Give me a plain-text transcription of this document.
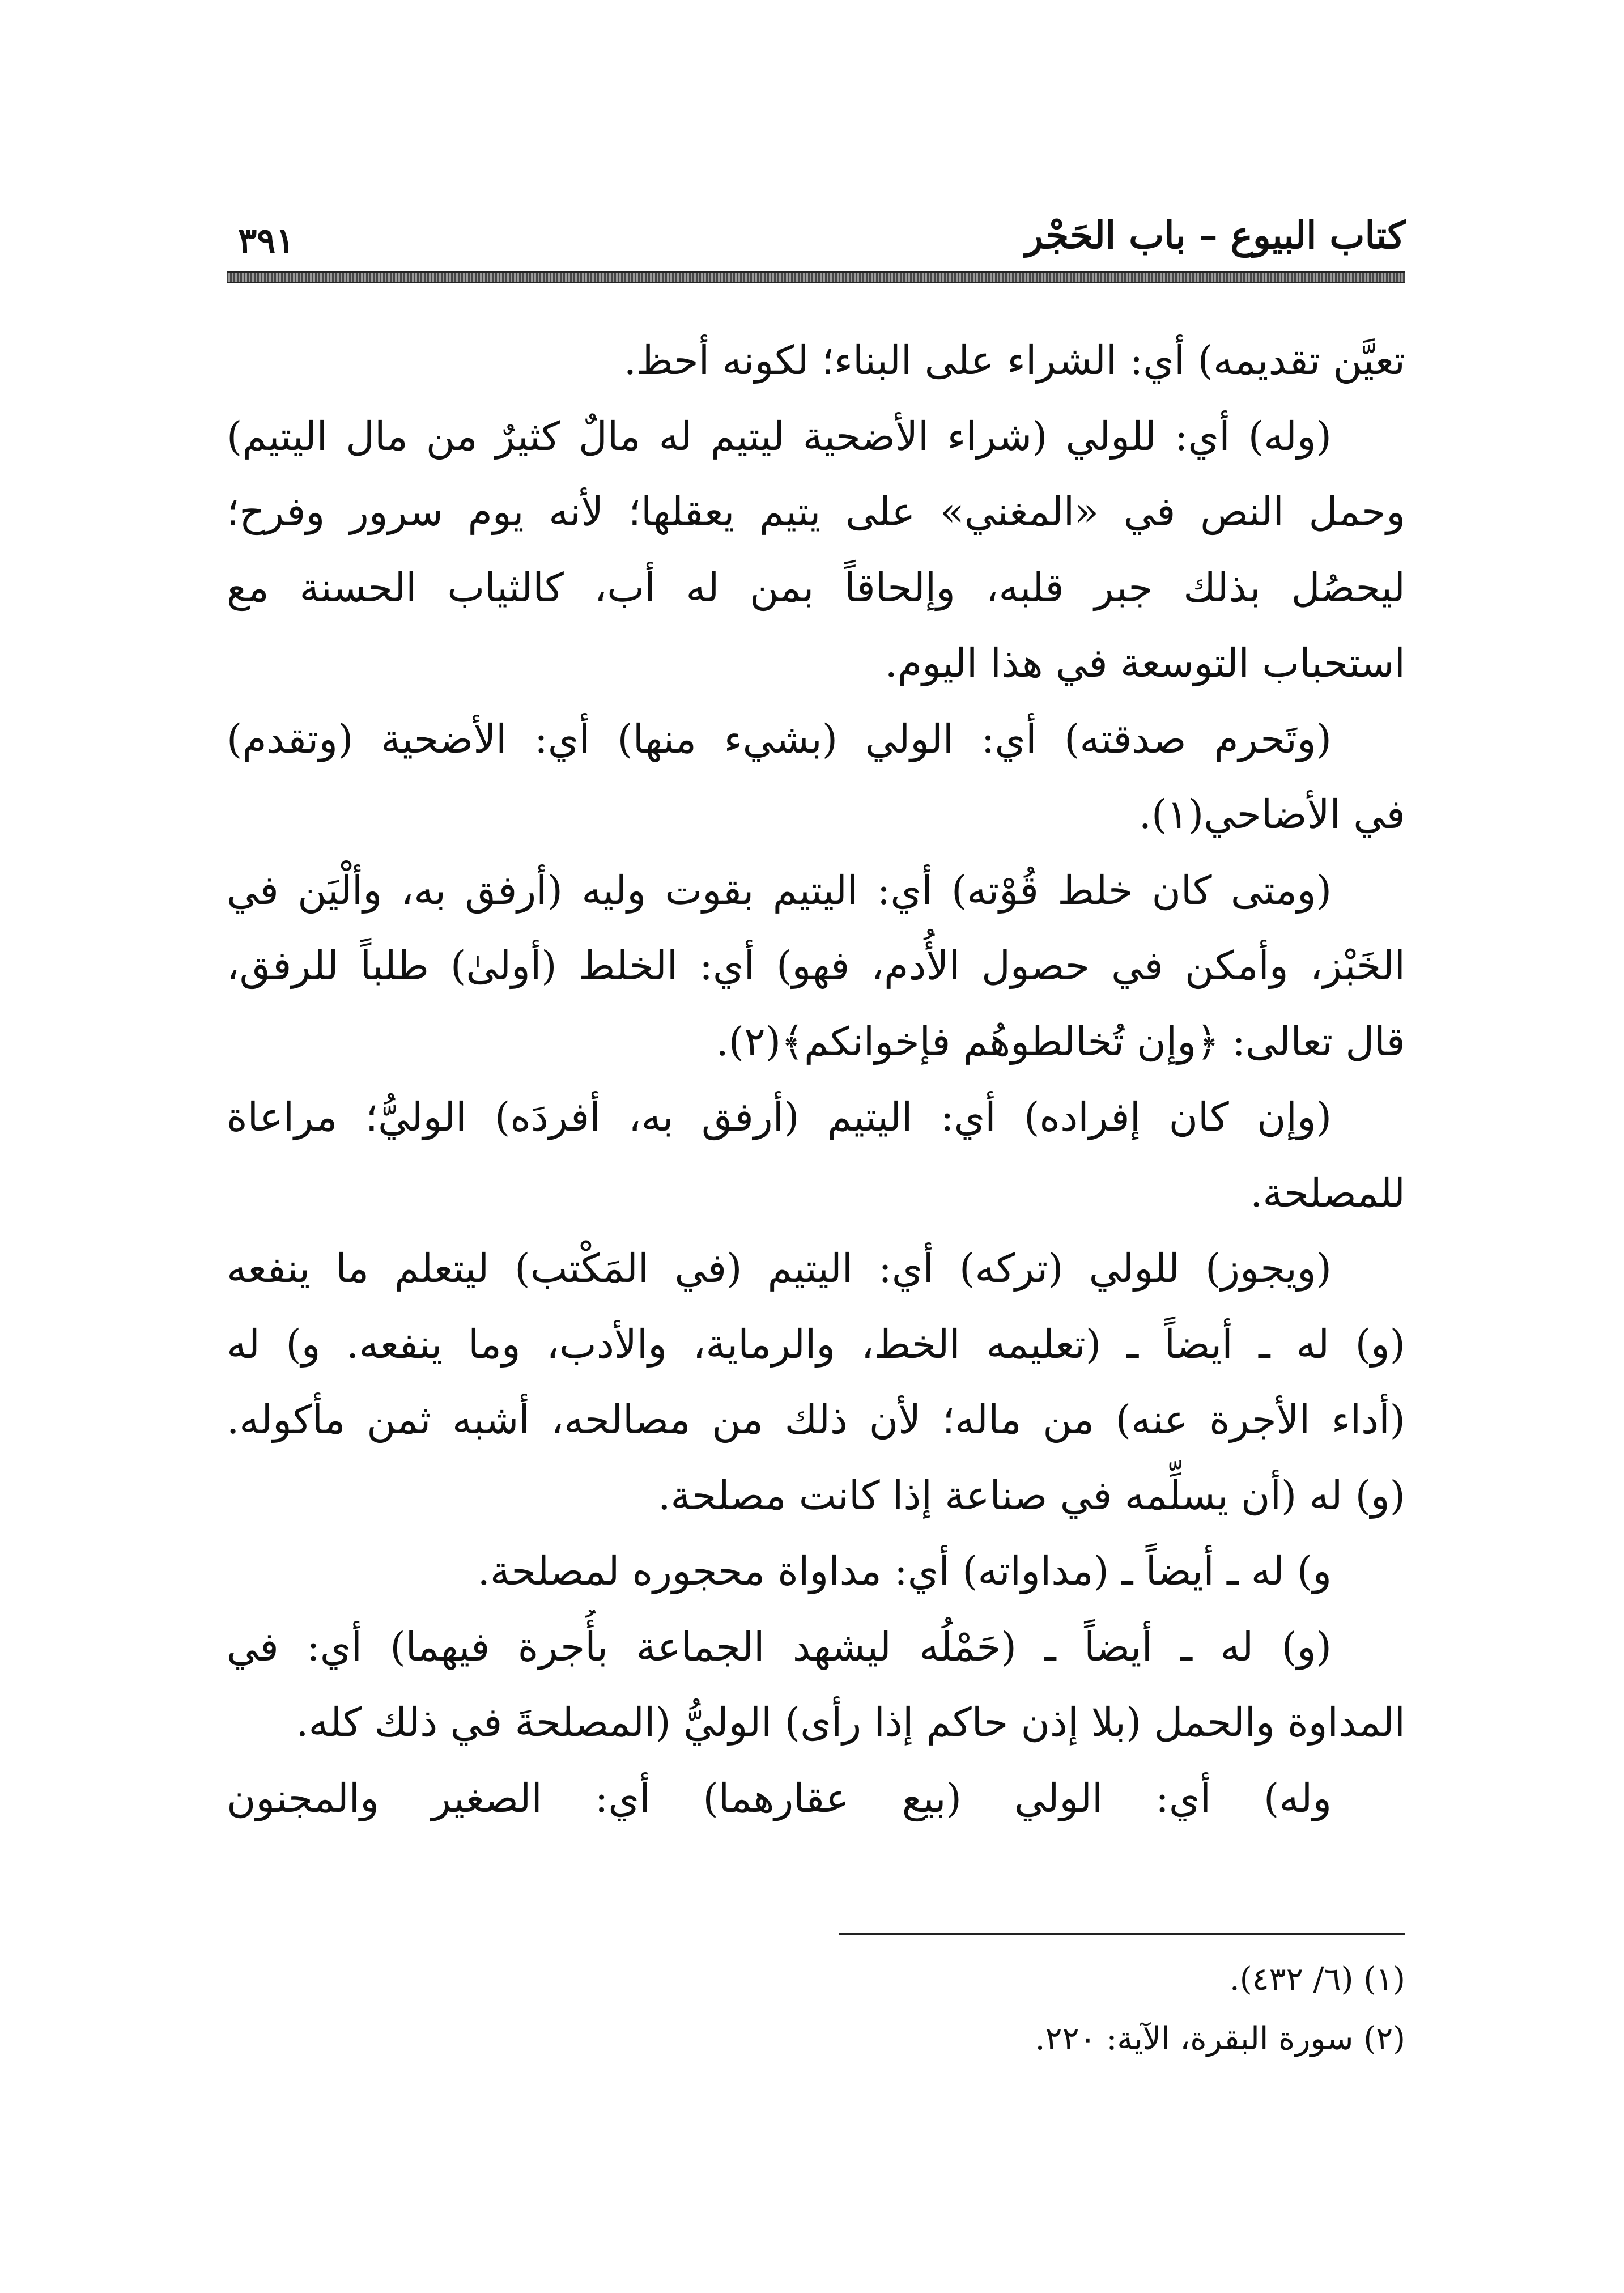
كتاب البيوع – باب الحَجْر
٣٩١
تعيَّن تقديمه) أي: الشراء على البناء؛ لكونه أحظ.
(وله) أي: للولي (شراء الأضحية ليتيم له مالٌ كثيرٌ من مال اليتيم)
وحمل النص في «المغني» على يتيم يعقلها؛ لأنه يوم سرور وفرح؛
ليحصُل بذلك جبر قلبه، وإلحاقاً بمن له أب، كالثياب الحسنة مع
استحباب التوسعة في هذا اليوم.
(وتَحرم صدقته) أي: الولي (بشيء منها) أي: الأضحية (وتقدم)
في الأضاحي(١).
(ومتى كان خلط قُوْته) أي: اليتيم بقوت وليه (أرفق به، وألْيَن في
الخَبْز، وأمكن في حصول الأُدم، فهو) أي: الخلط (أولىٰ) طلباً للرفق،
قال تعالى: ﴿وإن تُخالطوهُم فإخوانكم﴾(٢).
(وإن كان إفراده) أي: اليتيم (أرفق به، أفردَه) الوليُّ؛ مراعاة
للمصلحة.
(ويجوز) للولي (تركه) أي: اليتيم (في المَكْتب) ليتعلم ما ينفعه
(و) له ـ أيضاً ـ (تعليمه الخط، والرماية، والأدب، وما ينفعه. و) له
(أداء الأجرة عنه) من ماله؛ لأن ذلك من مصالحه، أشبه ثمن مأكوله.
(و) له (أن يسلِّمه في صناعة إذا كانت مصلحة.
و) له ـ أيضاً ـ (مداواته) أي: مداواة محجوره لمصلحة.
(و) له ـ أيضاً ـ (حَمْلُه ليشهد الجماعة بأُجرة فيهما) أي: في
المداوة والحمل (بلا إذن حاكم إذا رأى) الوليُّ (المصلحةَ في ذلك كله.
وله) أي: الولي (بيع عقارهما) أي: الصغير والمجنون
(١) (٦/ ٤٣٢).
(٢) سورة البقرة، الآية: ٢٢٠.
